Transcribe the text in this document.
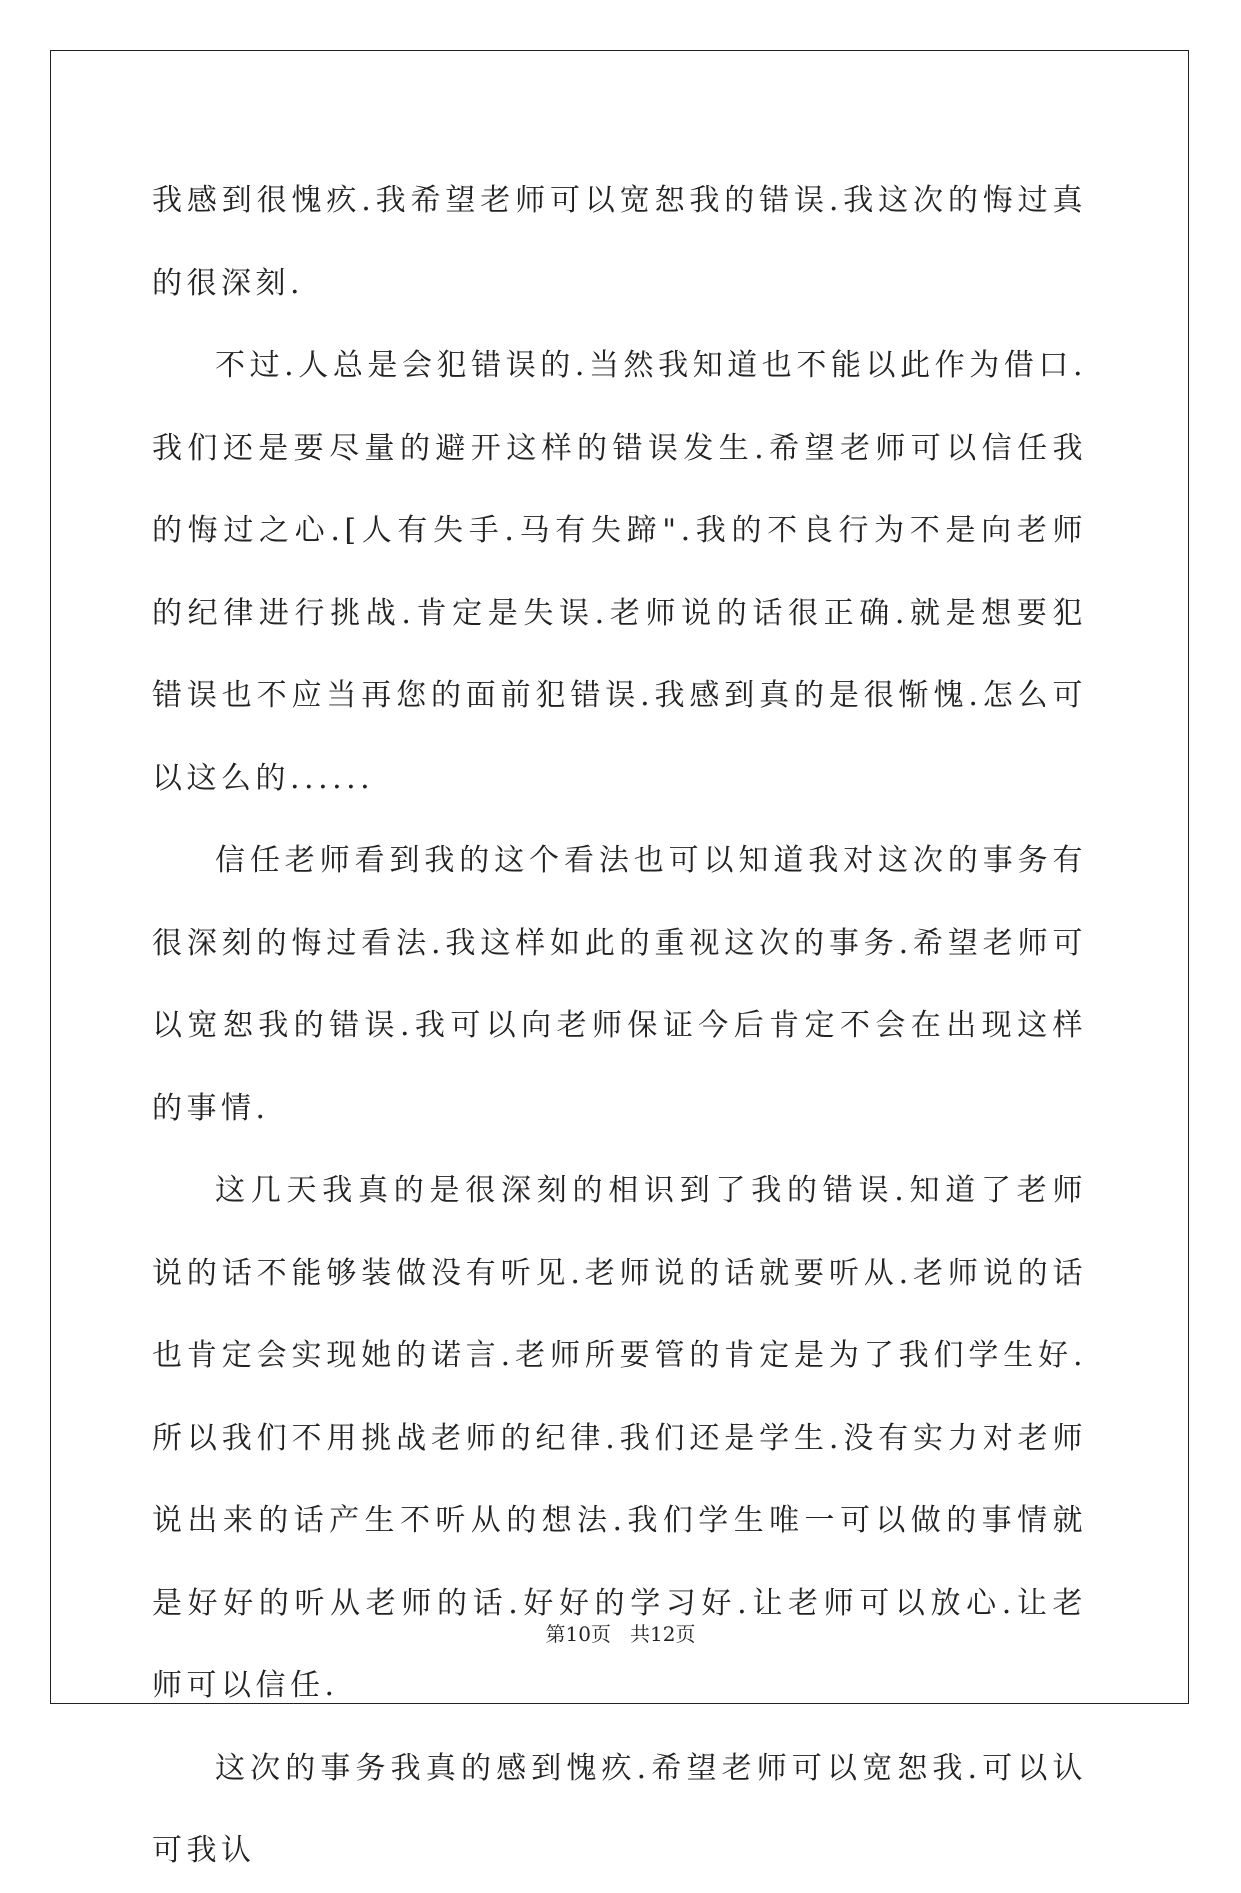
我感到很愧疚.我希望老师可以宽恕我的错误.我这次的悔过真的很深刻.

不过.人总是会犯错误的.当然我知道也不能以此作为借口.我们还是要尽量的避开这样的错误发生.希望老师可以信任我的悔过之心.[人有失手.马有失蹄".我的不良行为不是向老师的纪律进行挑战.肯定是失误.老师说的话很正确.就是想要犯错误也不应当再您的面前犯错误.我感到真的是很惭愧.怎么可以这么的......

信任老师看到我的这个看法也可以知道我对这次的事务有很深刻的悔过看法.我这样如此的重视这次的事务.希望老师可以宽恕我的错误.我可以向老师保证今后肯定不会在出现这样的事情.

这几天我真的是很深刻的相识到了我的错误.知道了老师说的话不能够装做没有听见.老师说的话就要听从.老师说的话也肯定会实现她的诺言.老师所要管的肯定是为了我们学生好.所以我们不用挑战老师的纪律.我们还是学生.没有实力对老师说出来的话产生不听从的想法.我们学生唯一可以做的事情就是好好的听从老师的话.好好的学习好.让老师可以放心.让老师可以信任.

这次的事务我真的感到愧疚.希望老师可以宽恕我.可以认可我认

第10页 共12页
